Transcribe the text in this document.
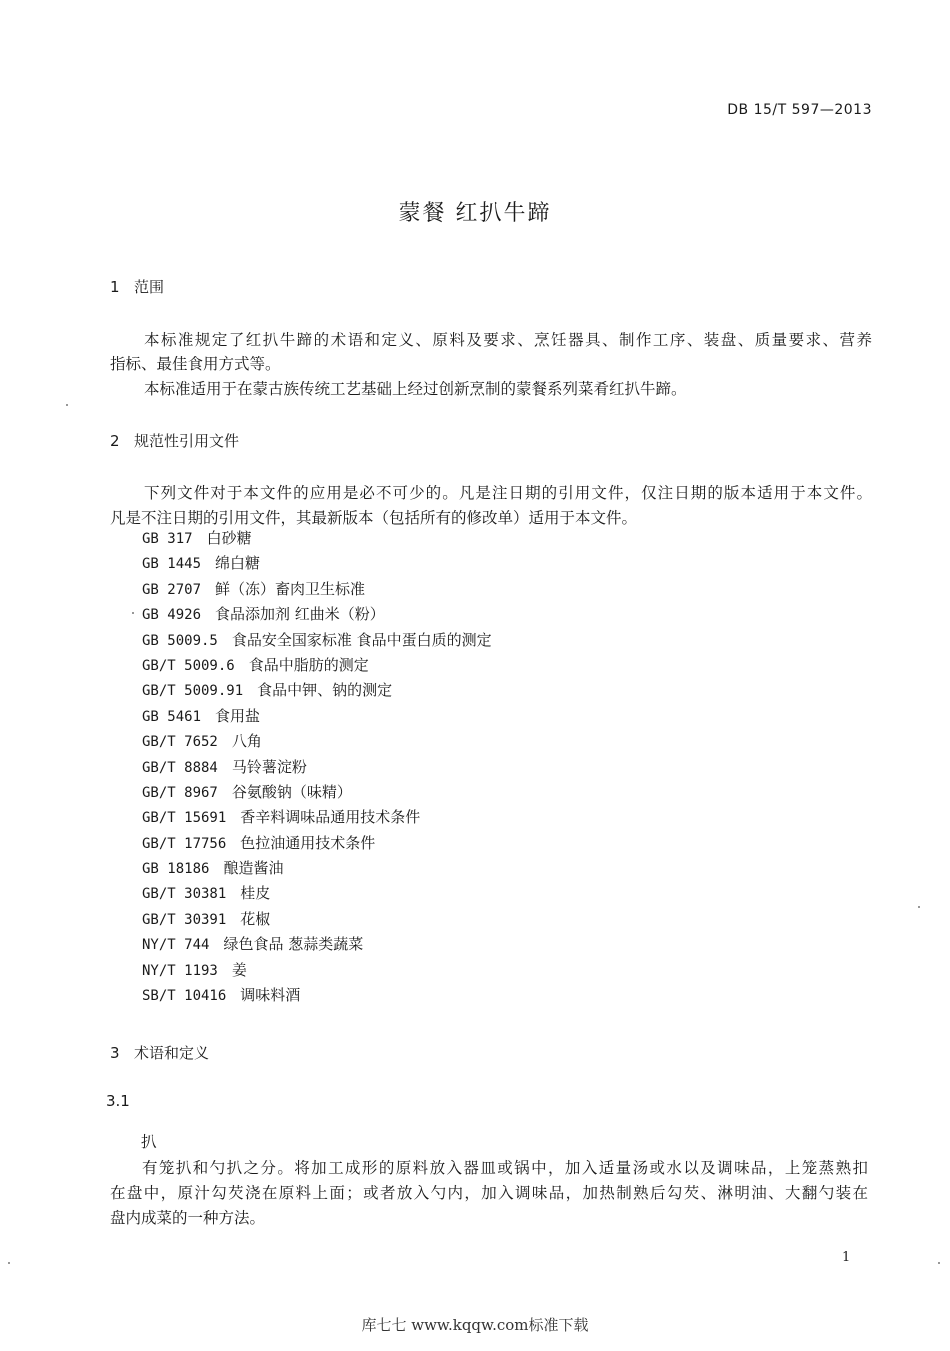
DB 15/T 597—2013
蒙餐 红扒牛蹄
1 范围
本标准规定了红扒牛蹄的术语和定义、原料及要求、烹饪器具、制作工序、装盘、质量要求、营养
指标、最佳食用方式等。
本标准适用于在蒙古族传统工艺基础上经过创新烹制的蒙餐系列菜肴红扒牛蹄。
2 规范性引用文件
下列文件对于本文件的应用是必不可少的。凡是注日期的引用文件，仅注日期的版本适用于本文件。
凡是不注日期的引用文件，其最新版本（包括所有的修改单）适用于本文件。
GB 317 白砂糖
GB 1445 绵白糖
GB 2707 鲜（冻）畜肉卫生标准
GB 4926 食品添加剂 红曲米（粉）
GB 5009.5 食品安全国家标准 食品中蛋白质的测定
GB/T 5009.6 食品中脂肪的测定
GB/T 5009.91 食品中钾、钠的测定
GB 5461 食用盐
GB/T 7652 八角
GB/T 8884 马铃薯淀粉
GB/T 8967 谷氨酸钠（味精）
GB/T 15691 香辛料调味品通用技术条件
GB/T 17756 色拉油通用技术条件
GB 18186 酿造酱油
GB/T 30381 桂皮
GB/T 30391 花椒
NY/T 744 绿色食品 葱蒜类蔬菜
NY/T 1193 姜
SB/T 10416 调味料酒
3 术语和定义
3.1
扒
有笼扒和勺扒之分。将加工成形的原料放入器皿或锅中，加入适量汤或水以及调味品，上笼蒸熟扣
在盘中，原汁勾芡浇在原料上面；或者放入勺内，加入调味品，加热制熟后勾芡、淋明油、大翻勺装在
盘内成菜的一种方法。
1
库七七 www.kqqw.com标准下载
